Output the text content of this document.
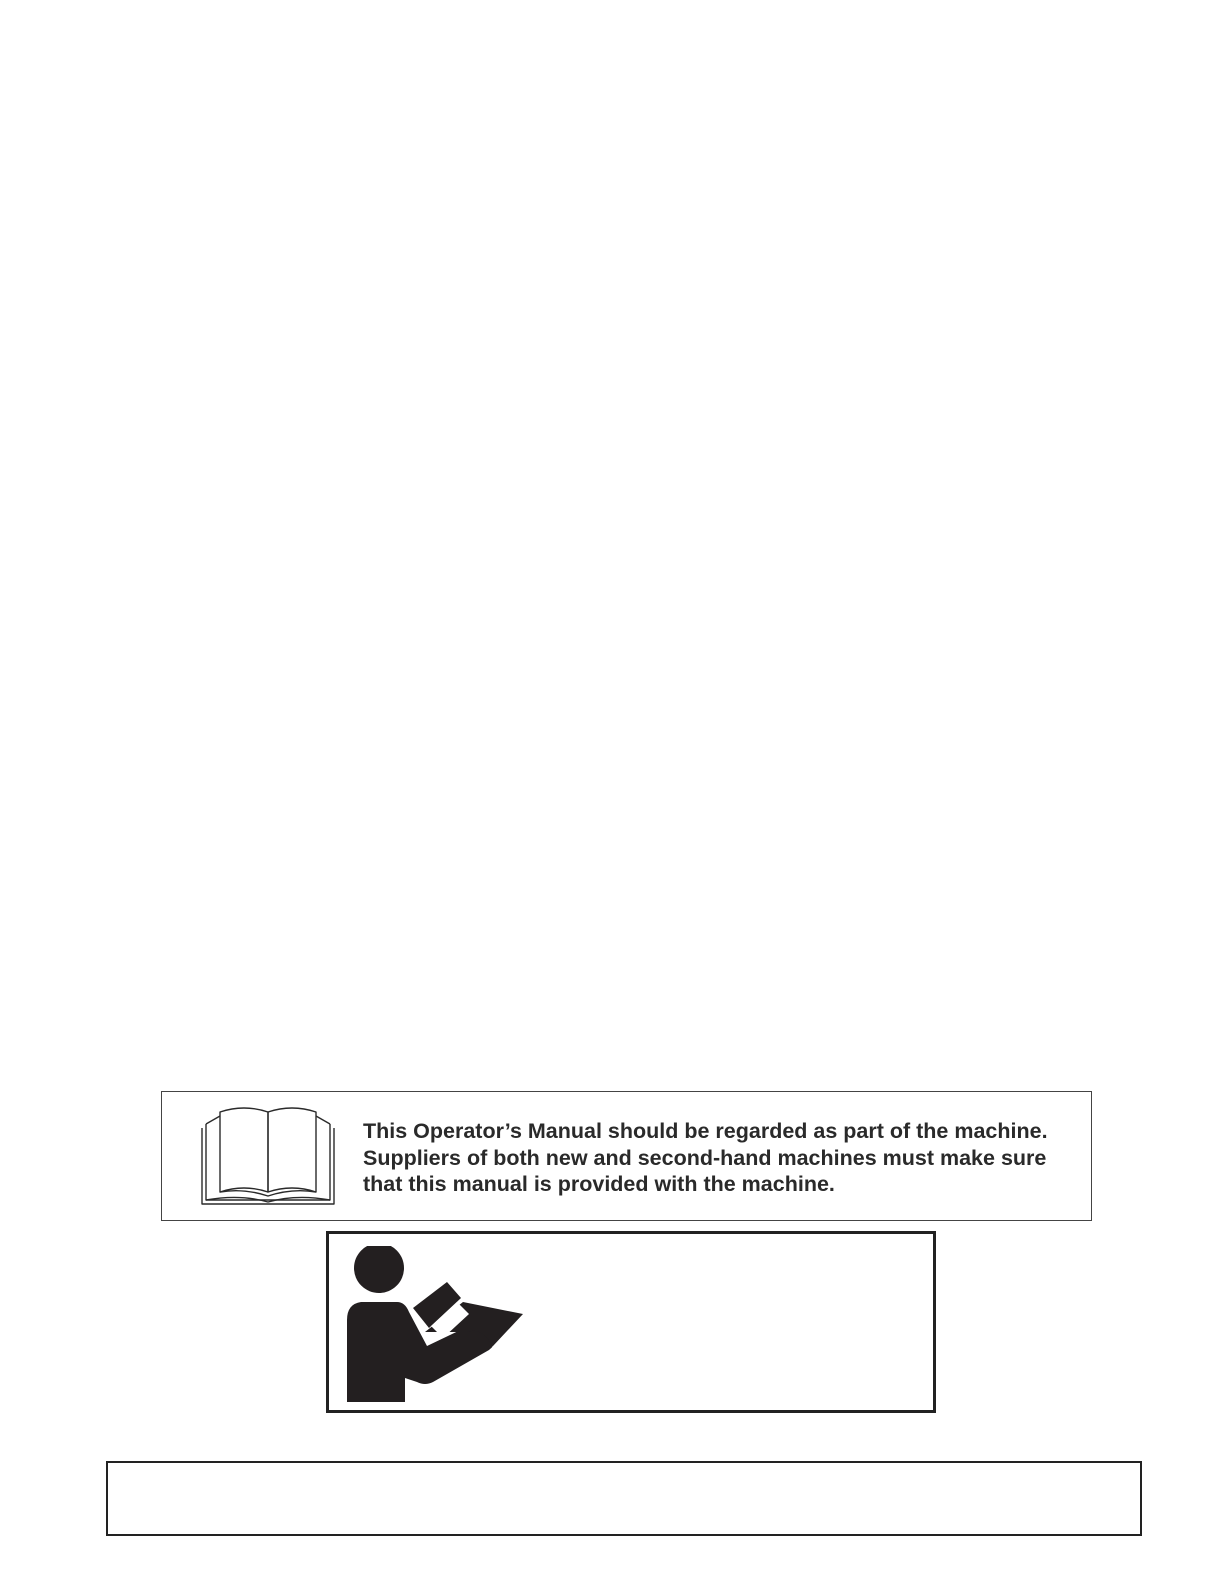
This Operator’s Manual should be regarded as part of the machine.
Suppliers of both new and second-hand machines must make sure
that this manual is provided with the machine.
